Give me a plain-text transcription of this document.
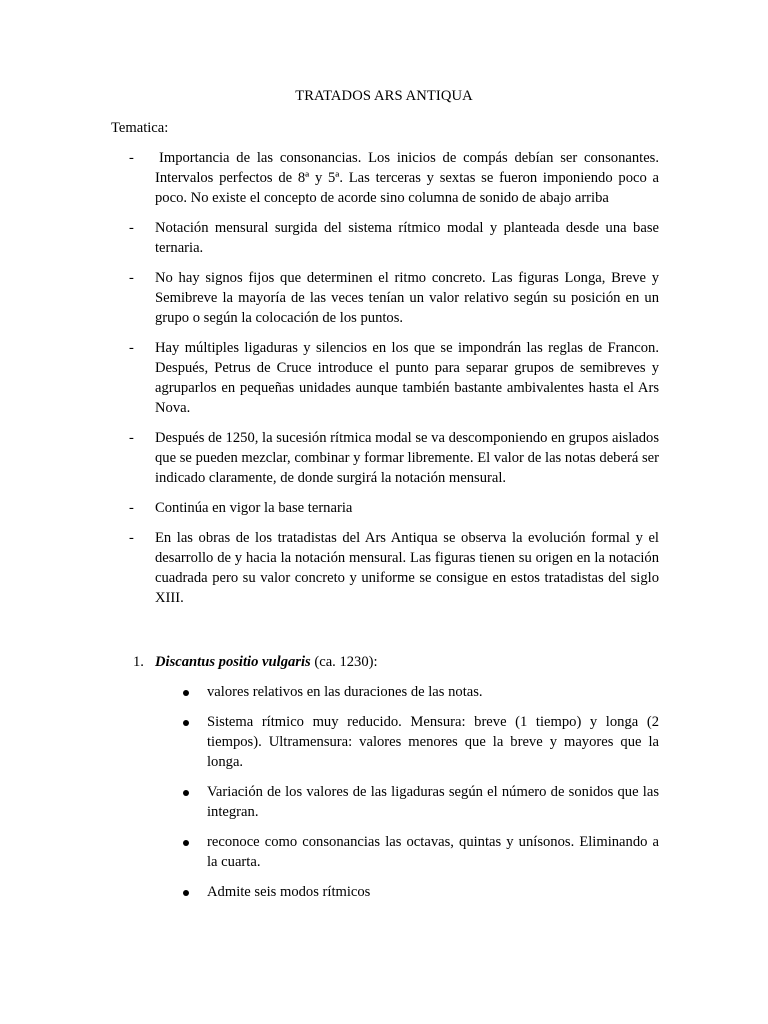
TRATADOS ARS ANTIQUA
Tematica:
- Importancia de las consonancias. Los inicios de compás debían ser consonantes. Intervalos perfectos de 8ª y 5ª. Las terceras y sextas se fueron imponiendo poco a poco. No existe el concepto de acorde sino columna de sonido de abajo arriba
- Notación mensural surgida del sistema rítmico modal y planteada desde una base ternaria.
- No hay signos fijos que determinen el ritmo concreto. Las figuras Longa, Breve y Semibreve la mayoría de las veces tenían un valor relativo según su posición en un grupo o según la colocación de los puntos.
- Hay múltiples ligaduras y silencios en los que se impondrán las reglas de Francon. Después, Petrus de Cruce introduce el punto para separar grupos de semibreves y agruparlos en pequeñas unidades aunque también bastante ambivalentes hasta el Ars Nova.
- Después de 1250, la sucesión rítmica modal se va descomponiendo en grupos aislados que se pueden mezclar, combinar y formar libremente. El valor de las notas deberá ser indicado claramente, de donde surgirá la notación mensural.
- Continúa en vigor la base ternaria
- En las obras de los tratadistas del Ars Antiqua se observa la evolución formal y el desarrollo de y hacia la notación mensural. Las figuras tienen su origen en la notación cuadrada pero su valor concreto y uniforme se consigue en estos tratadistas del siglo XIII.
1. Discantus positio vulgaris (ca. 1230):
valores relativos en las duraciones de las notas.
Sistema rítmico muy reducido. Mensura: breve (1 tiempo) y longa (2 tiempos). Ultramensura: valores menores que la breve y mayores que la longa.
Variación de los valores de las ligaduras según el número de sonidos que las integran.
reconoce como consonancias las octavas, quintas y unísonos. Eliminando a la cuarta.
Admite seis modos rítmicos
